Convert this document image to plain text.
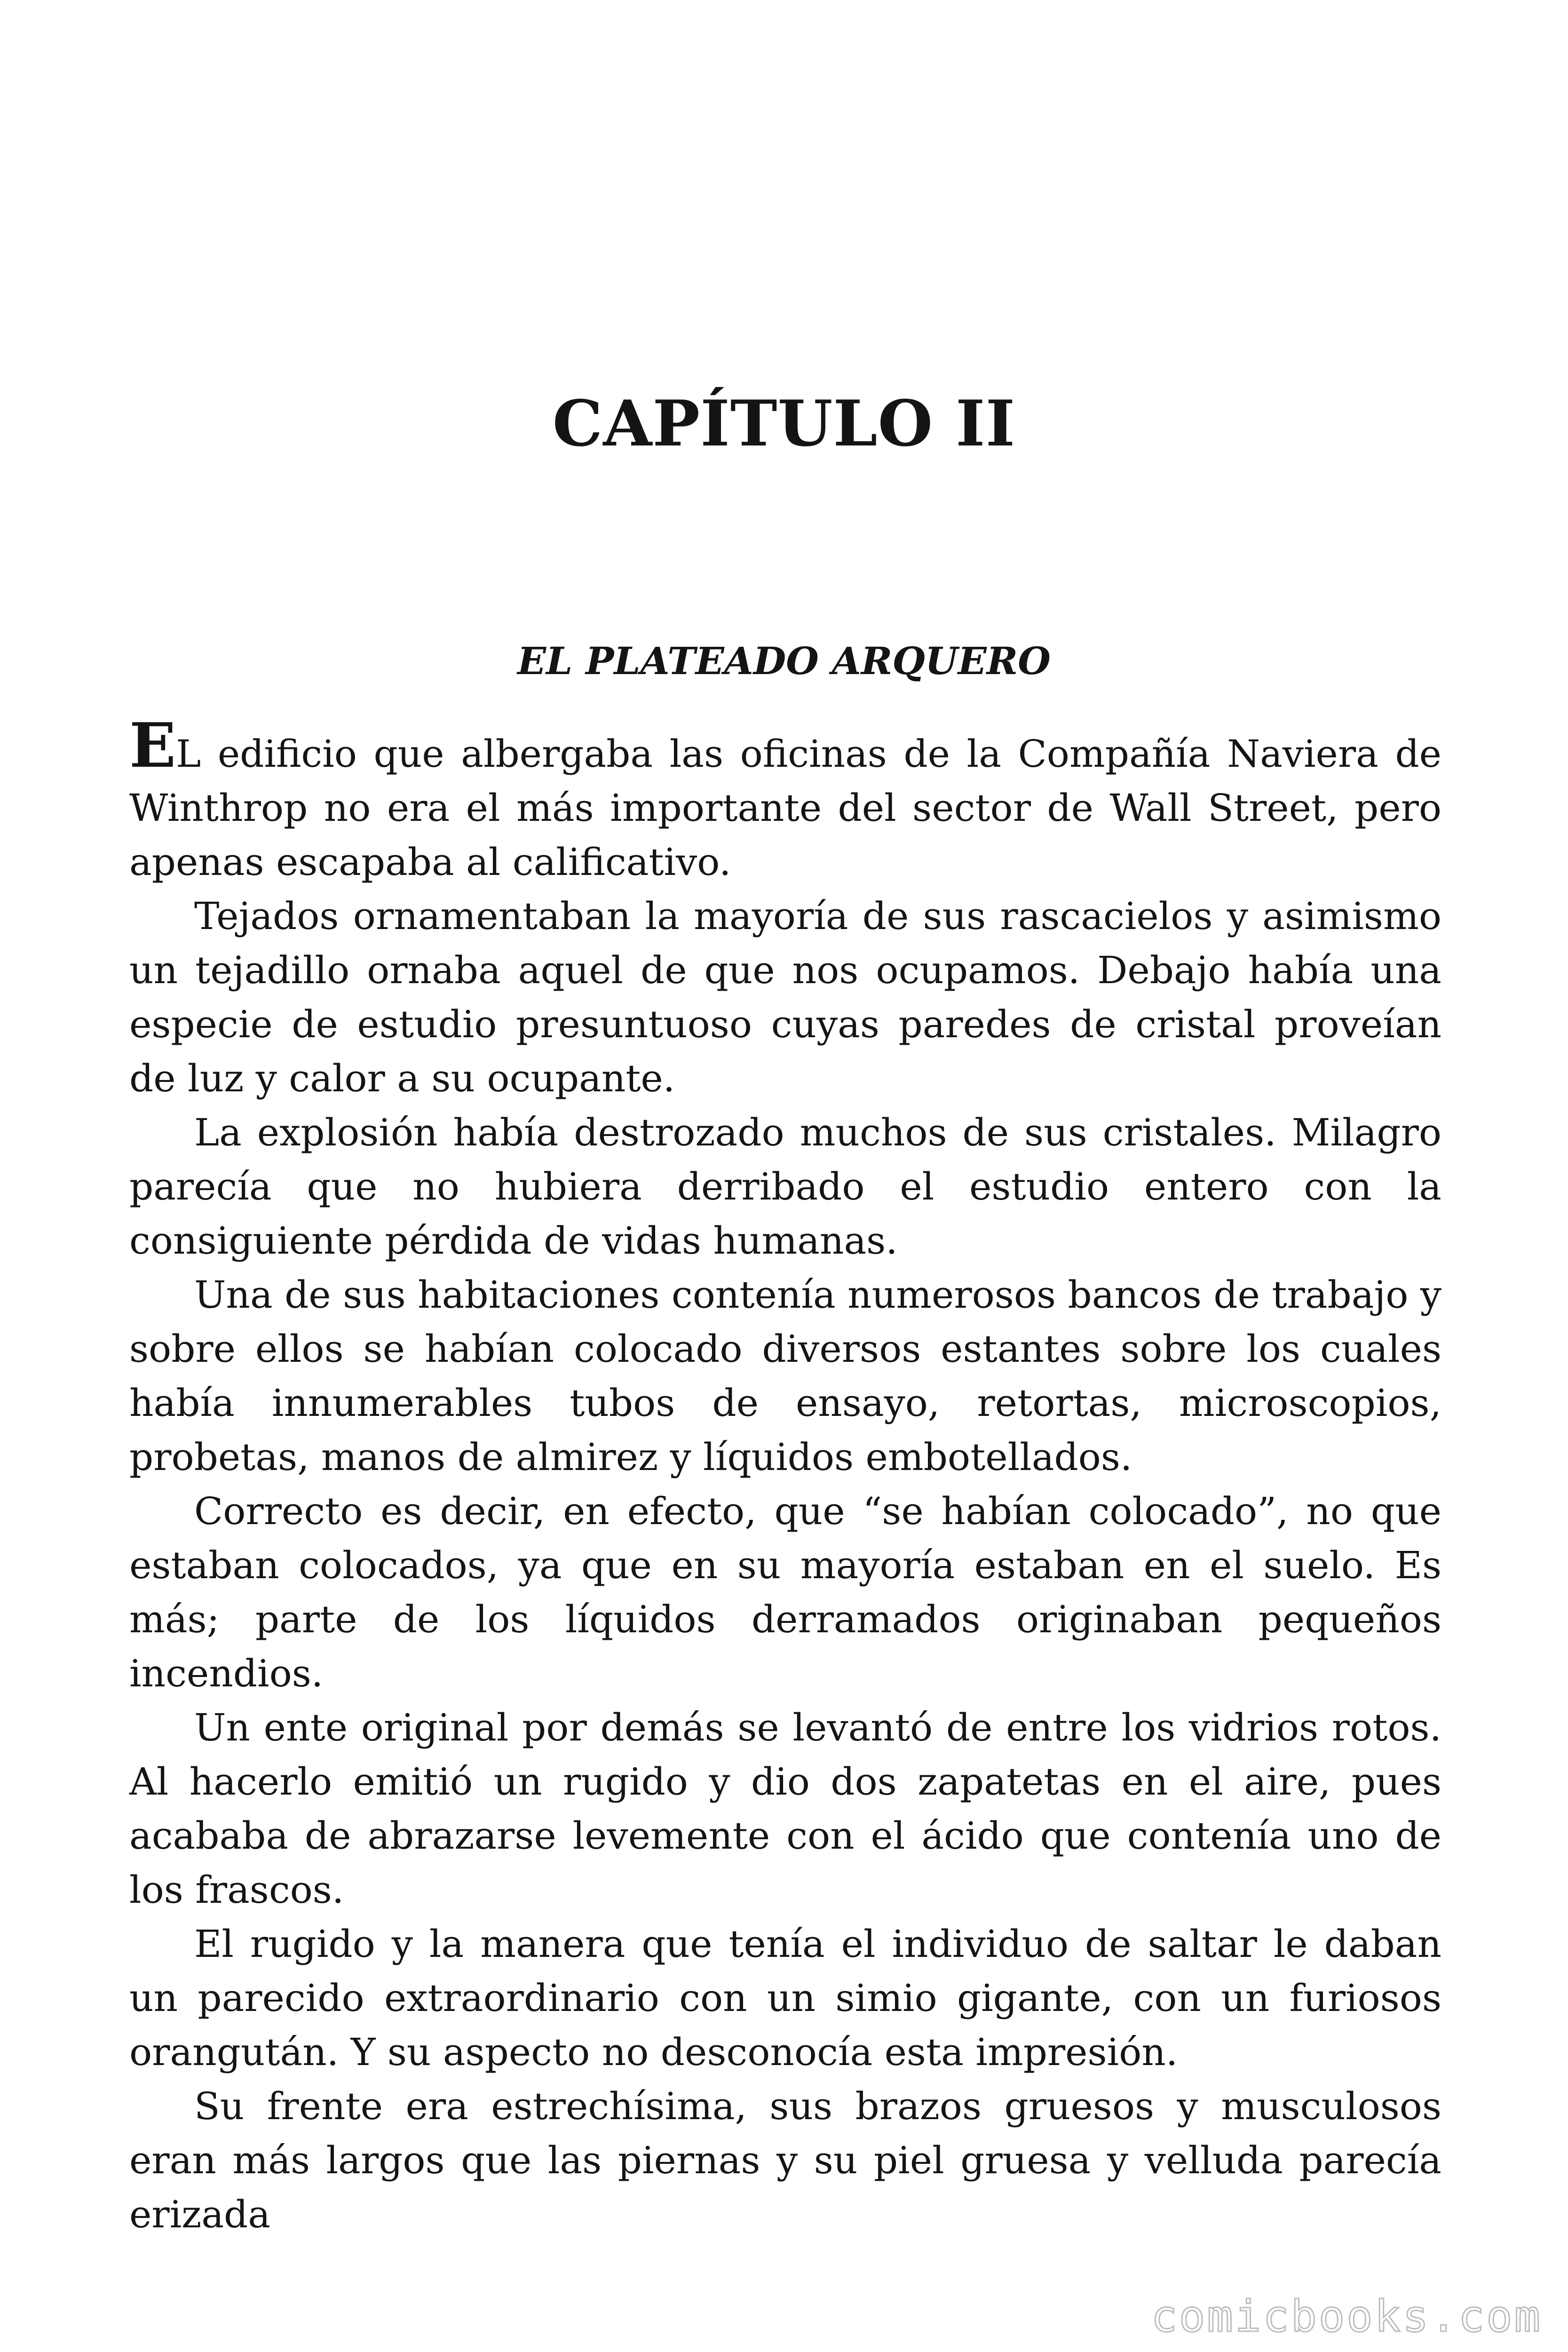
CAPÍTULO II
EL PLATEADO ARQUERO

EL edificio que albergaba las oficinas de la Compañía Naviera de Winthrop no era el más importante del sector de Wall Street, pero apenas escapaba al calificativo.

Tejados ornamentaban la mayoría de sus rascacielos y asimismo un tejadillo ornaba aquel de que nos ocupamos. Debajo había una especie de estudio presuntuoso cuyas paredes de cristal proveían de luz y calor a su ocupante.

La explosión había destrozado muchos de sus cristales. Milagro parecía que no hubiera derribado el estudio entero con la consiguiente pérdida de vidas humanas.

Una de sus habitaciones contenía numerosos bancos de trabajo y sobre ellos se habían colocado diversos estantes sobre los cuales había innumerables tubos de ensayo, retortas, microscopios, probetas, manos de almirez y líquidos embotellados.

Correcto es decir, en efecto, que “se habían colocado”, no que estaban colocados, ya que en su mayoría estaban en el suelo. Es más; parte de los líquidos derramados originaban pequeños incendios.

Un ente original por demás se levantó de entre los vidrios rotos. Al hacerlo emitió un rugido y dio dos zapatetas en el aire, pues acababa de abrazarse levemente con el ácido que contenía uno de los frascos.

El rugido y la manera que tenía el individuo de saltar le daban un parecido extraordinario con un simio gigante, con un furiosos orangután. Y su aspecto no desconocía esta impresión.

Su frente era estrechísima, sus brazos gruesos y musculosos eran más largos que las piernas y su piel gruesa y velluda parecía erizada

comicbooks.com
